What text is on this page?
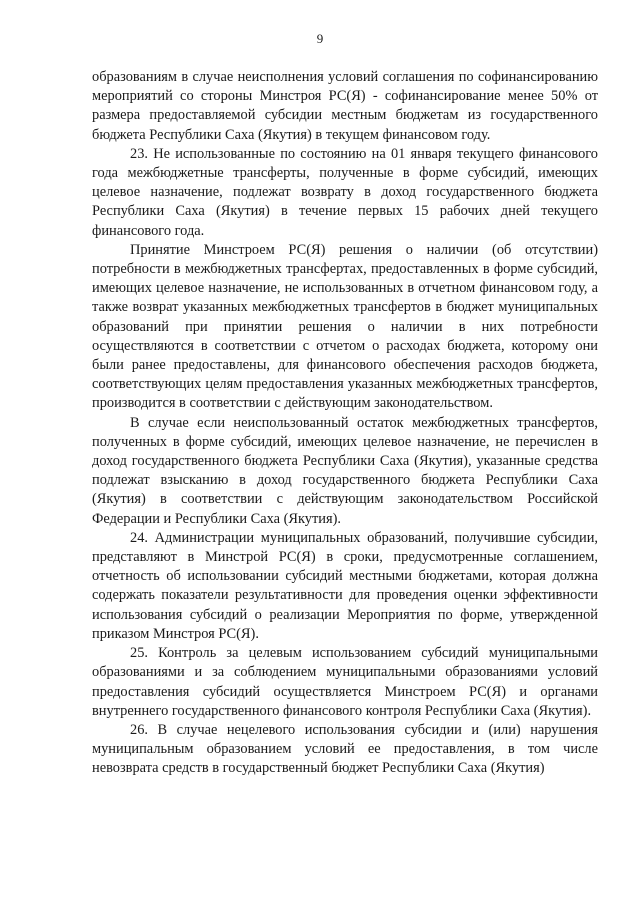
9

образованиям в случае неисполнения условий соглашения по софинансированию мероприятий со стороны Минстроя РС(Я) - софинансирование менее 50% от размера предоставляемой субсидии местным бюджетам из государственного бюджета Республики Саха (Якутия) в текущем финансовом году.

23. Не использованные по состоянию на 01 января текущего финансового года межбюджетные трансферты, полученные в форме субсидий, имеющих целевое назначение, подлежат возврату в доход государственного бюджета Республики Саха (Якутия) в течение первых 15 рабочих дней текущего финансового года.

Принятие Минстроем РС(Я) решения о наличии (об отсутствии) потребности в межбюджетных трансфертах, предоставленных в форме субсидий, имеющих целевое назначение, не использованных в отчетном финансовом году, а также возврат указанных межбюджетных трансфертов в бюджет муниципальных образований при принятии решения о наличии в них потребности осуществляются в соответствии с отчетом о расходах бюджета, которому они были ранее предоставлены, для финансового обеспечения расходов бюджета, соответствующих целям предоставления указанных межбюджетных трансфертов, производится в соответствии с действующим законодательством.

В случае если неиспользованный остаток межбюджетных трансфертов, полученных в форме субсидий, имеющих целевое назначение, не перечислен в доход государственного бюджета Республики Саха (Якутия), указанные средства подлежат взысканию в доход государственного бюджета Республики Саха (Якутия) в соответствии с действующим законодательством Российской Федерации и Республики Саха (Якутия).

24. Администрации муниципальных образований, получившие субсидии, представляют в Минстрой РС(Я) в сроки, предусмотренные соглашением, отчетность об использовании субсидий местными бюджетами, которая должна содержать показатели результативности для проведения оценки эффективности использования субсидий о реализации Мероприятия по форме, утвержденной приказом Минстроя РС(Я).

25. Контроль за целевым использованием субсидий муниципальными образованиями и за соблюдением муниципальными образованиями условий предоставления субсидий осуществляется Минстроем РС(Я) и органами внутреннего государственного финансового контроля Республики Саха (Якутия).

26. В случае нецелевого использования субсидии и (или) нарушения муниципальным образованием условий ее предоставления, в том числе невозврата средств в государственный бюджет Республики Саха (Якутия)
